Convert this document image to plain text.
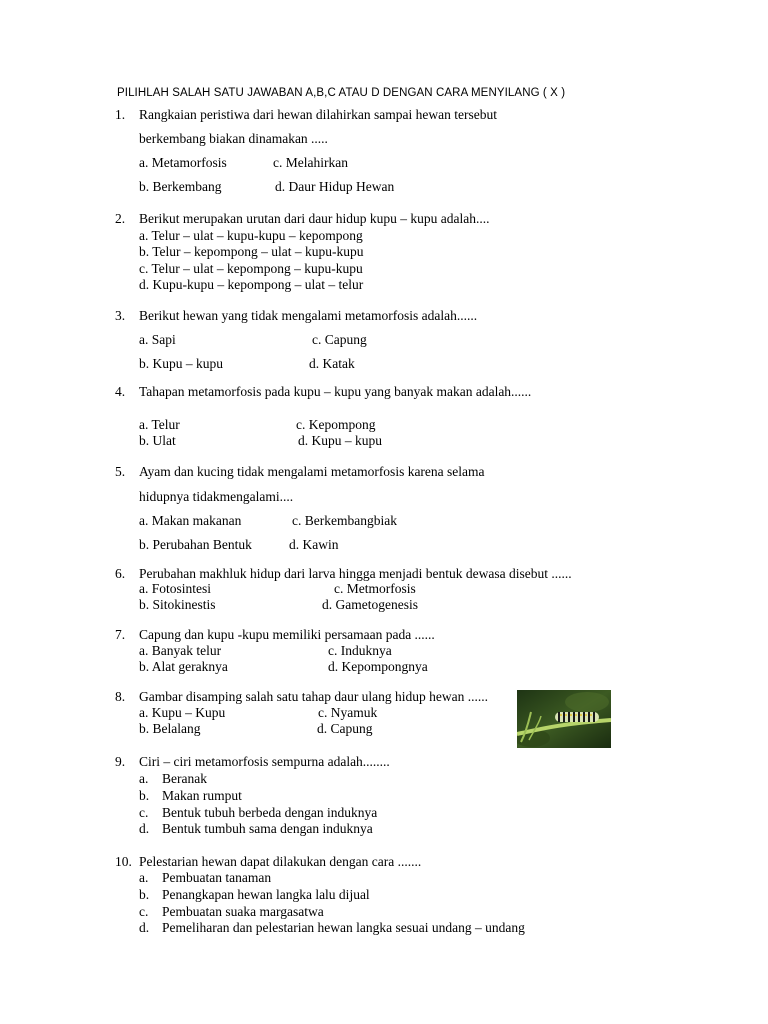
PILIHLAH SALAH SATU JAWABAN A,B,C ATAU D DENGAN CARA MENYILANG ( X )
1. Rangkaian peristiwa dari hewan dilahirkan sampai hewan tersebut
berkembang biakan dinamakan .....
a. Metamorfosis	c. Melahirkan
b. Berkembang	d. Daur Hidup Hewan
2. Berikut merupakan urutan dari daur hidup kupu – kupu adalah....
a. Telur – ulat – kupu-kupu – kepompong
b. Telur – kepompong – ulat – kupu-kupu
c. Telur – ulat – kepompong – kupu-kupu
d. Kupu-kupu – kepompong – ulat – telur
3. Berikut hewan yang tidak mengalami metamorfosis adalah......
a. Sapi	c. Capung
b. Kupu – kupu	d. Katak
4. Tahapan metamorfosis pada kupu – kupu yang banyak makan adalah......
a. Telur	c. Kepompong
b. Ulat	d. Kupu – kupu
5. Ayam dan kucing tidak mengalami metamorfosis karena selama
hidupnya tidakmengalami....
a. Makan makanan	c. Berkembangbiak
b. Perubahan Bentuk	d. Kawin
6. Perubahan makhluk hidup dari larva hingga menjadi bentuk dewasa disebut ......
a. Fotosintesi	c. Metmorfosis
b. Sitokinestis	d. Gametogenesis
7. Capung dan kupu -kupu memiliki persamaan pada ......
a. Banyak telur	c. Induknya
b. Alat geraknya	d. Kepompongnya
8. Gambar disamping salah satu tahap daur ulang hidup hewan ......
a. Kupu – Kupu	c. Nyamuk
b. Belalang	d. Capung
9. Ciri – ciri metamorfosis sempurna adalah........
a. Beranak
b. Makan rumput
c. Bentuk tubuh berbeda dengan induknya
d. Bentuk tumbuh sama dengan induknya
10. Pelestarian hewan dapat dilakukan dengan cara .......
a. Pembuatan tanaman
b. Penangkapan hewan langka lalu dijual
c. Pembuatan suaka margasatwa
d. Pemeliharan dan pelestarian hewan langka sesuai undang – undang
